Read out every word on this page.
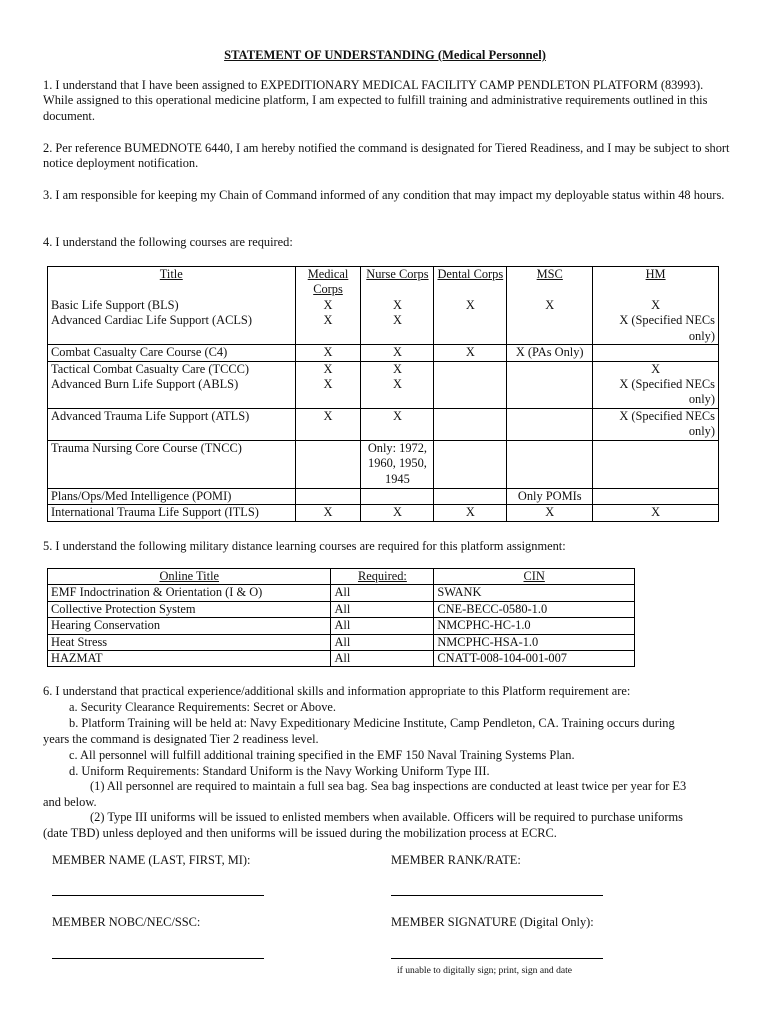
STATEMENT OF UNDERSTANDING (Medical Personnel)
1. I understand that I have been assigned to EXPEDITIONARY MEDICAL FACILITY CAMP PENDLETON PLATFORM (83993). While assigned to this operational medicine platform, I am expected to fulfill training and administrative requirements outlined in this document.
2. Per reference BUMEDNOTE 6440, I am hereby notified the command is designated for Tiered Readiness, and I may be subject to short notice deployment notification.
3. I am responsible for keeping my Chain of Command informed of any condition that may impact my deployable status within 48 hours.
4. I understand the following courses are required:
Title	Medical Corps	Nurse Corps	Dental Corps	MSC	HM
Basic Life Support (BLS)	X	X	X	X	X
Advanced Cardiac Life Support (ACLS)	X	X			X (Specified NECs only)
Combat Casualty Care Course (C4)	X	X	X	X (PAs Only)	
Tactical Combat Casualty Care (TCCC)	X	X			X
Advanced Burn Life Support (ABLS)	X	X			X (Specified NECs only)
Advanced Trauma Life Support (ATLS)	X	X			X (Specified NECs only)
Trauma Nursing Core Course (TNCC)		Only: 1972, 1960, 1950, 1945			
Plans/Ops/Med Intelligence (POMI)				Only POMIs	
International Trauma Life Support (ITLS)	X	X	X	X	X
5. I understand the following military distance learning courses are required for this platform assignment:
Online Title	Required:	CIN
EMF Indoctrination & Orientation (I & O)	All	SWANK
Collective Protection System	All	CNE-BECC-0580-1.0
Hearing Conservation	All	NMCPHC-HC-1.0
Heat Stress	All	NMCPHC-HSA-1.0
HAZMAT	All	CNATT-008-104-001-007
6. I understand that practical experience/additional skills and information appropriate to this Platform requirement are:
a. Security Clearance Requirements: Secret or Above.
b. Platform Training will be held at: Navy Expeditionary Medicine Institute, Camp Pendleton, CA. Training occurs during
years the command is designated Tier 2 readiness level.
c. All personnel will fulfill additional training specified in the EMF 150 Naval Training Systems Plan.
d. Uniform Requirements: Standard Uniform is the Navy Working Uniform Type III.
(1) All personnel are required to maintain a full sea bag. Sea bag inspections are conducted at least twice per year for E3
and below.
(2) Type III uniforms will be issued to enlisted members when available. Officers will be required to purchase uniforms
(date TBD) unless deployed and then uniforms will be issued during the mobilization process at ECRC.
MEMBER NAME (LAST, FIRST, MI):	MEMBER RANK/RATE:
MEMBER NOBC/NEC/SSC:	MEMBER SIGNATURE (Digital Only):
if unable to digitally sign; print, sign and date
